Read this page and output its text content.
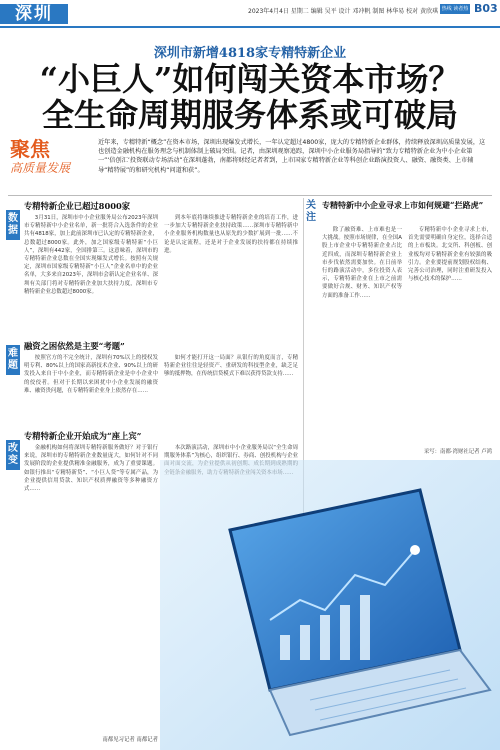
深圳	2023年4月4日 星期二 编辑 吴平 设计 邓冲帆 制图 林华易 校对 黄欣琪 热线 读者热线
B03
深圳市新增4818家专精特新企业
“小巨人”如何闯关资本市场？
全生命周期服务体系或可破局
聚焦
高质量发展
近年来，专精特新“概念”在资本市场，深圳出现爆发式增长，一年认定超过4800家，庞大的专精特新企业群体，持续释放深圳高质量发展，这也创造金融机构在服务理念与机制体制上破局突围。记者，由深圳观察追踪，深圳中小企业服务局指导的“致力专精特新企业为中小企业第一”‘倍创汇’投资联动专场活动”在深圳蓬勃，南都将财经记者者到，上市国家专精特新企业等科创企业路演投资人、融资、融资类、上市辅导“精特展”的和研究机构“问道和获”。
数据
专精特新企业已超过8000家

3月31日，深圳市中小企业服务局公布2023年深圳市专精特新中小企业名单，新一批符合入选条件的企业共有4818家，加上此前深圳市已认定的专精特新企业，总数超过8000家。此外，加之国家级专精特新“小巨人”，深圳有442家，全国排第三。这意味着，深圳市的专精特新企业总数在全国实现爆发式增长。按照有关规定，深圳市国家级专精特新“小巨人”企业名单中的企业名单，大多来自2023年，深圳市会新认定企业名单、深圳有关部门将对专精特新企业加大扶持力度，深圳市专精特新企业总数超过8000家。

到本年底将继续推进专精特新企业的培育工作，进一步加大专精特新企业扶持政策……深圳市专精特新中小企业服务机构数量也从原先的少数扩展到一批……不论是认定流程，还是对于企业发展的扶持都在持续推进。

难题
融资之困依然是主要“考题”

按照官方的不完全统计，深圳有70%以上的授权发明专利、80%以上的国家高新技术企业、90%以上的研发投入来自于中小企业，而专精特新企业是中小企业中的佼佼者。但对于长期以来困扰中小企业发展的融资难、融资贵问题，在专精特新企业身上依然存在……

如何才能打开这一局面？从银行的角度而言，专精特新企业往往是轻资产、重研发的科技型企业，缺乏足够的抵押物，在传统信贷模式下难以获得贷款支持……

改变
专精特新企业开始成为“座上宾”

金融机构如何将深圳专精特新服务做好？对于银行来说，深圳市的专精特新企业数量庞大，如何针对不同发展阶段的企业提供精准金融服务，成为了重要课题。如银行推出“专精特新贷”、“小巨人贷”等专属产品，为企业提供信用贷款、知识产权质押融资等多种融资方式……

本次路演活动，深圳市中小企业服务局以“全生命周期服务体系”为核心，组织银行、券商、创投机构与企业

南都见习记者 南都记者
关注
专精特新中小企业寻求上市如何规避“拦路虎”

除了融资难、上市难也是一大挑战。按照市场规律，在全国A股上市企业中专精特新企业占比近四成，而深圳专精特新企业上市步伐依然需要加快。在日前举行的路演活动中，多位投资人表示，专精特新企业在上市之前需要做好合规、财务、知识产权等方面的准备工作……

专精特新中小企业寻求上市，首先需要明确自身定位，选择合适的上市板块。北交所、科创板、创业板均对专精特新企业有较强的吸引力。企业要提前规划股权结构、完善公司治理，同时注重研发投入与核心技术的保护……

采写：南都·湾财社记者 卢鸿
